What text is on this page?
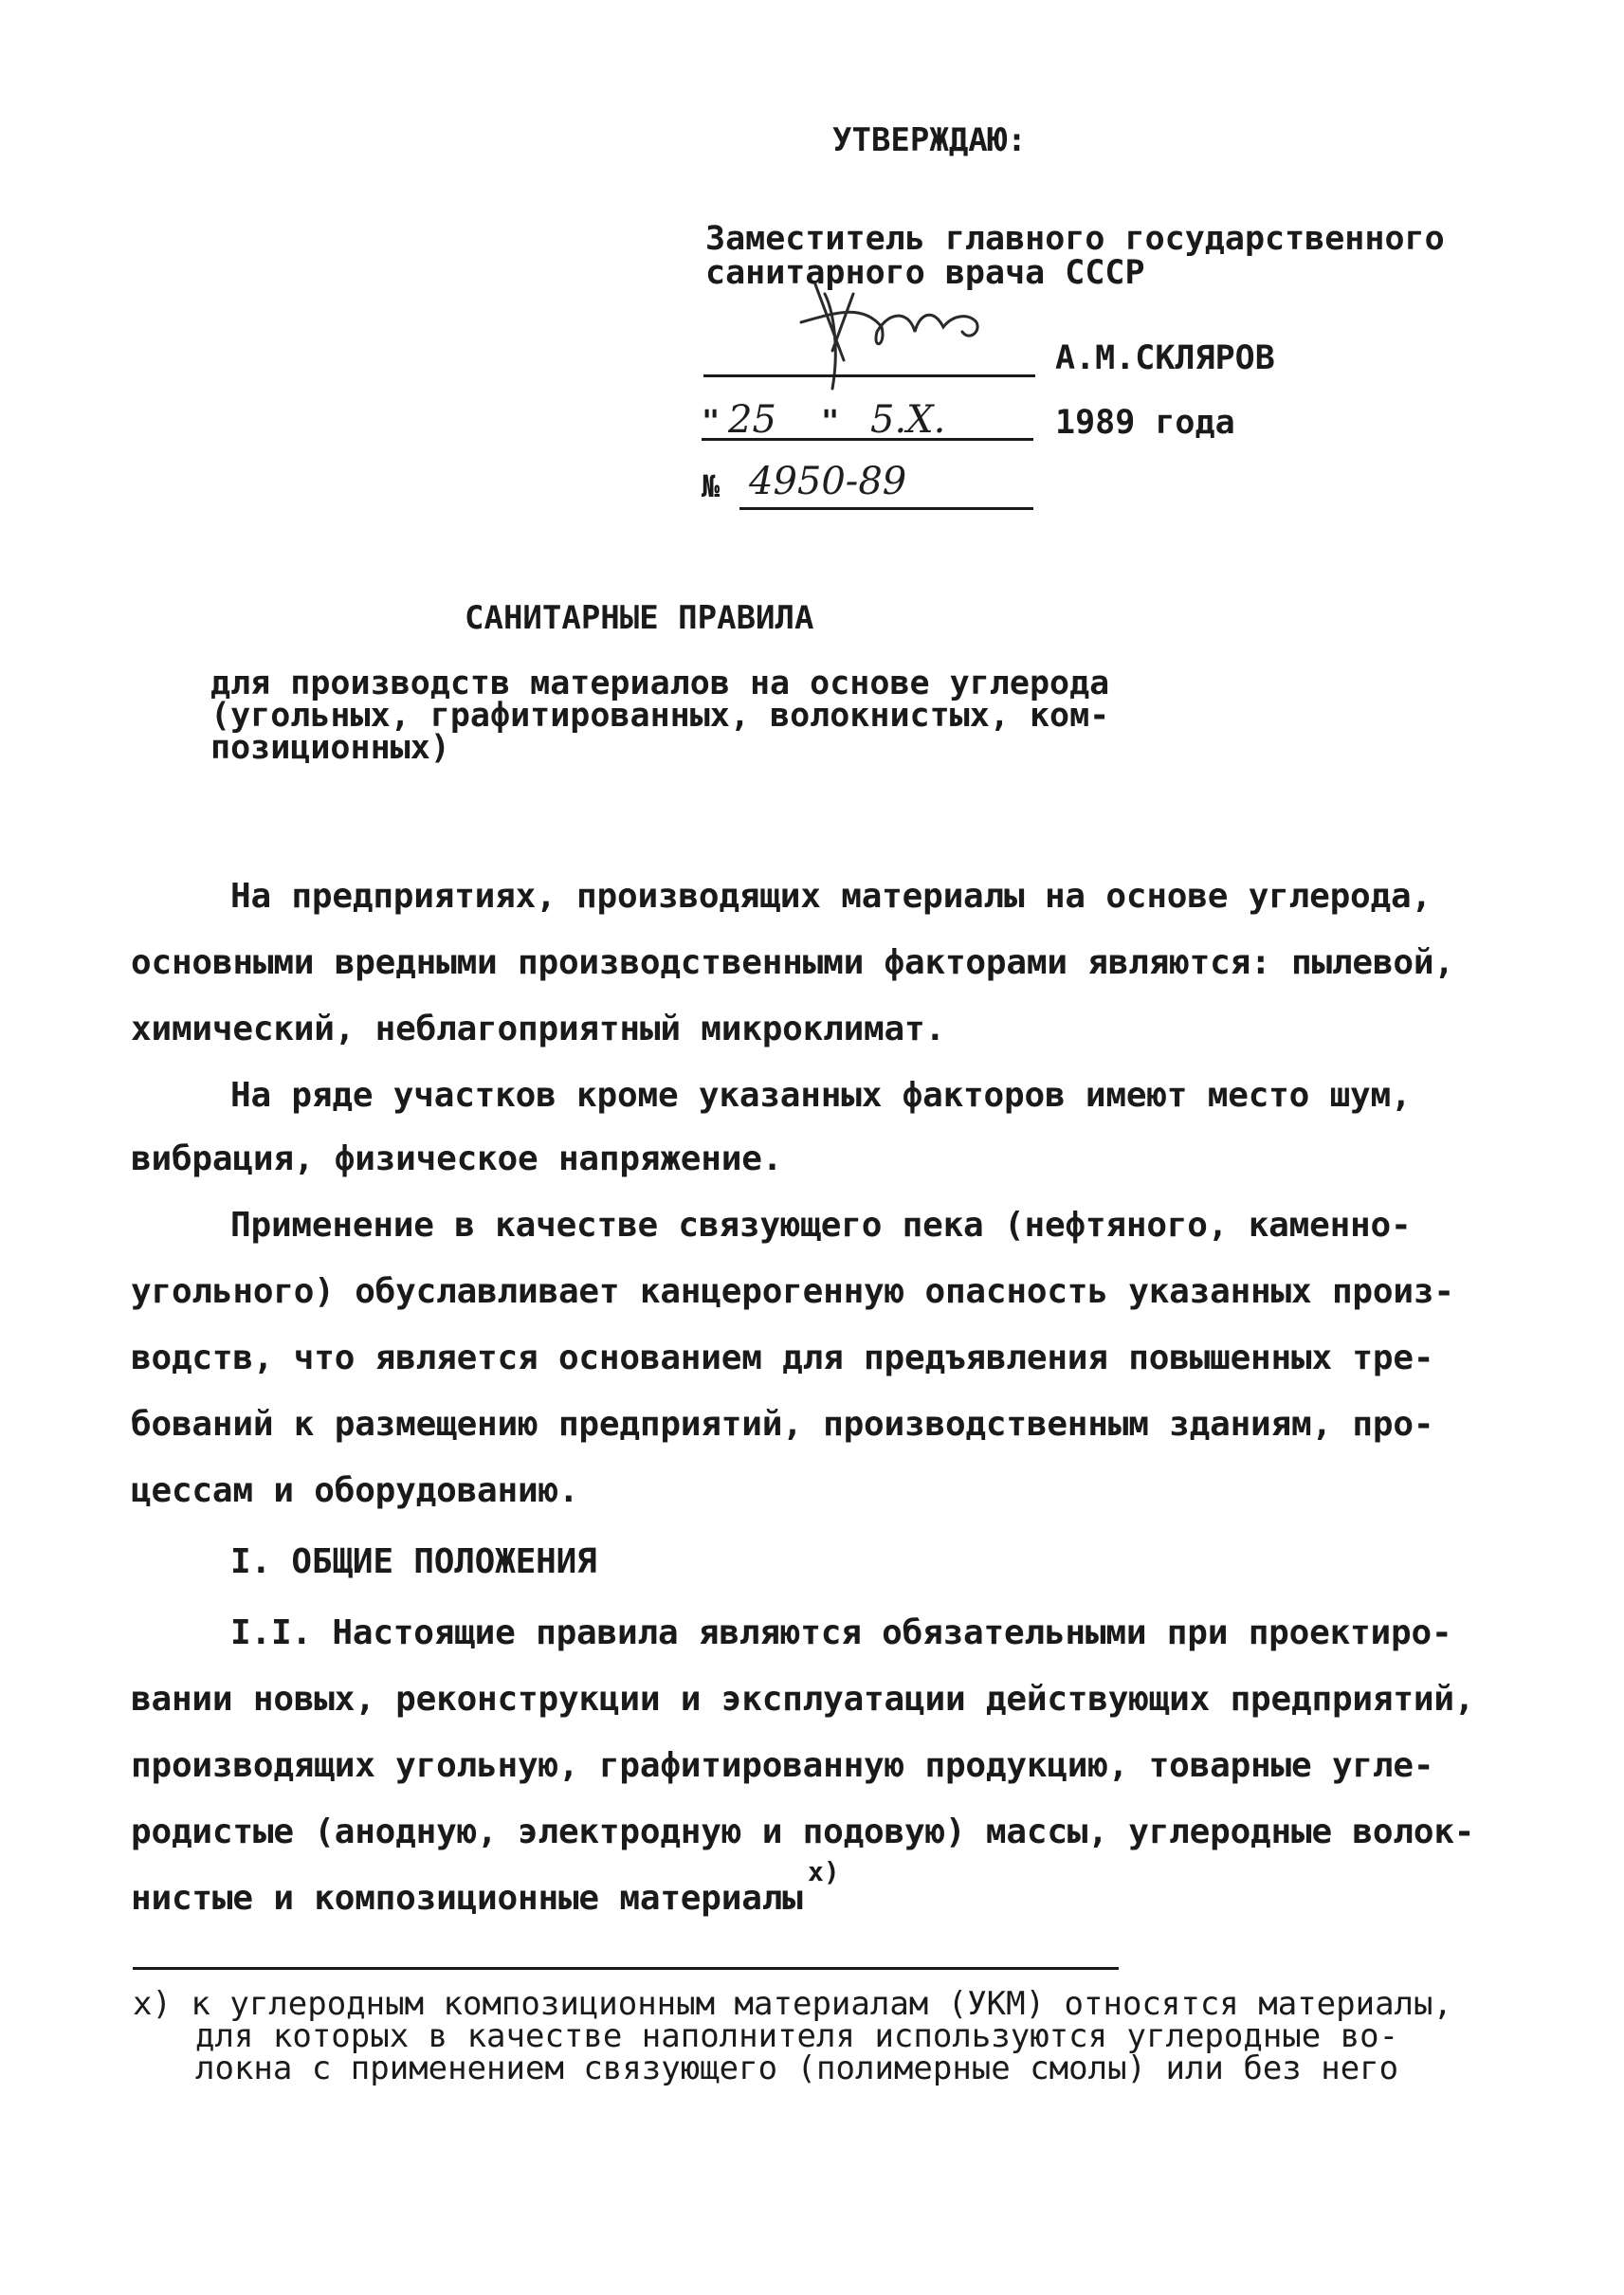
УТВЕРЖДАЮ:
Заместитель главного государственного
санитарного врача СССР
А.М.СКЛЯРОВ
" 25 " 5.X.	1989 года
№ 4950-89
САНИТАРНЫЕ ПРАВИЛА
для производств материалов на основе углерода
(угольных, графитированных, волокнистых, ком-
позиционных)
На предприятиях, производящих материалы на основе углерода,
основными вредными производственными факторами являются: пылевой,
химический, неблагоприятный микроклимат.
На ряде участков кроме указанных факторов имеют место шум,
вибрация, физическое напряжение.
Применение в качестве связующего пека (нефтяного, каменно-
угольного) обуславливает канцерогенную опасность указанных произ-
водств, что является основанием для предъявления повышенных тре-
бований к размещению предприятий, производственным зданиям, про-
цессам и оборудованию.
I. ОБЩИЕ ПОЛОЖЕНИЯ
I.I. Настоящие правила являются обязательными при проектиро-
вании новых, реконструкции и эксплуатации действующих предприятий,
производящих угольную, графитированную продукцию, товарные угле-
родистые (анодную, электродную и подовую) массы, углеродные волок-
нистые и композиционные материалы
x)
x) к углеродным композиционным материалам (УКМ) относятся материалы,
для которых в качестве наполнителя используются углеродные во-
локна с применением связующего (полимерные смолы) или без него
